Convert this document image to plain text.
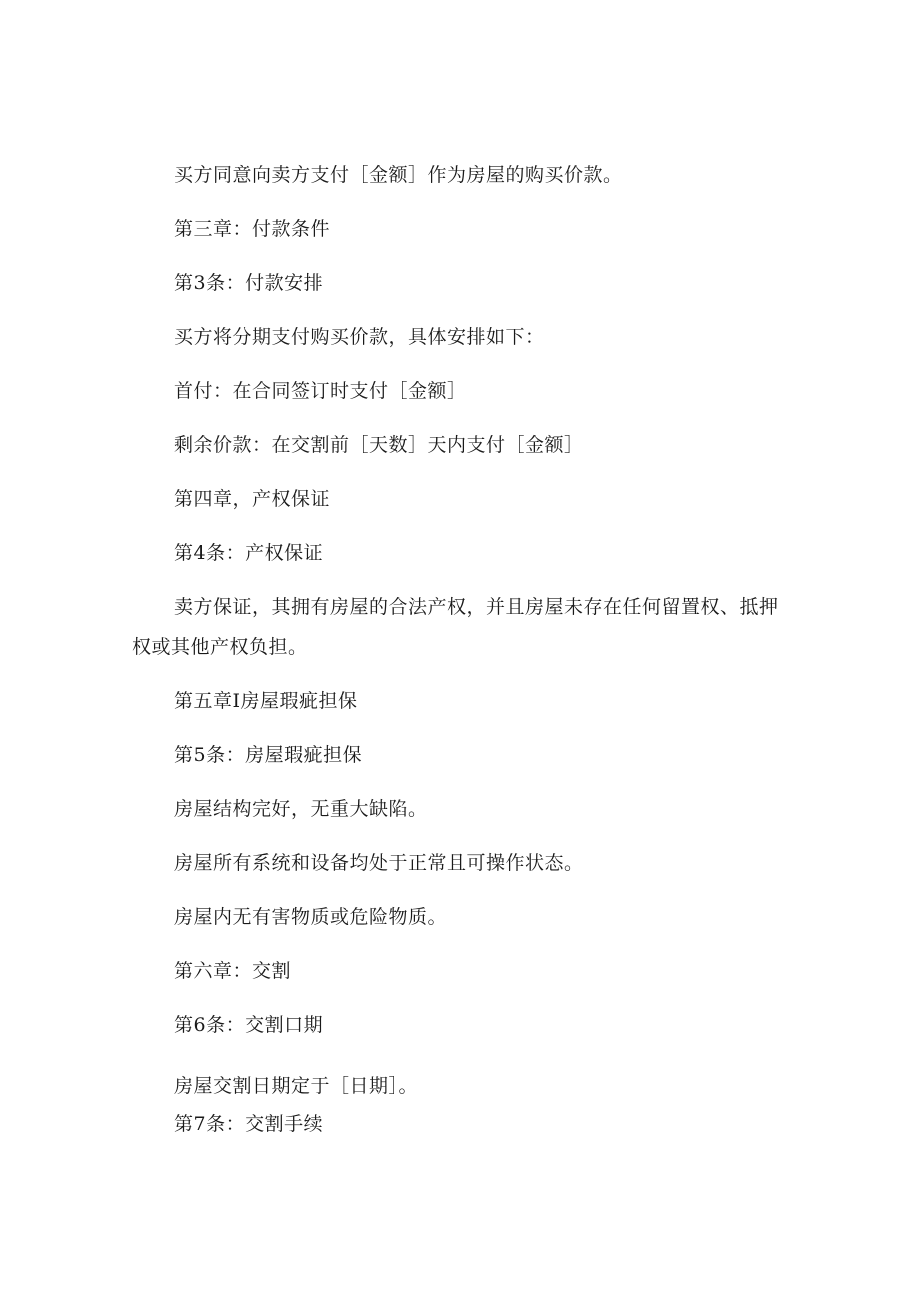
买方同意向卖方支付［金额］作为房屋的购买价款。

第三章：付款条件

第3条：付款安排

买方将分期支付购买价款，具体安排如下：

首付：在合同签订时支付［金额］

剩余价款：在交割前［天数］天内支付［金额］

第四章，产权保证

第4条：产权保证

卖方保证，其拥有房屋的合法产权，并且房屋未存在任何留置权、抵押权或其他产权负担。

第五章I房屋瑕疵担保

第5条：房屋瑕疵担保

房屋结构完好，无重大缺陷。

房屋所有系统和设备均处于正常且可操作状态。

房屋内无有害物质或危险物质。

第六章：交割

第6条：交割口期

房屋交割日期定于［日期］。

第7条：交割手续
